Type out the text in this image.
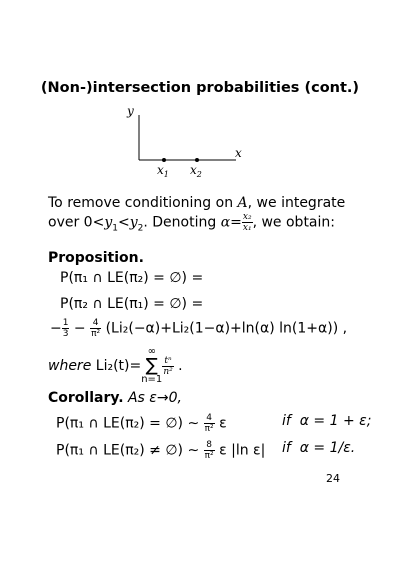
(Non-)intersection probabilities (cont.)
y
x
$x_1$ $x_2$
To remove conditioning on A, we integrate
over $0<y_1<y_2$. Denoting $\alpha= \frac{\text{x₂}}{\text{x₁}}$ , we obtain:
Proposition.
P(π₁ ∩ LE(π₂) = ∅) =
P(π₂ ∩ LE(π₁) = ∅) =
− $\frac{1}{3} - \frac{4}{\text{π²}} (Li_2(-\alpha)+Li_2(1-\alpha)+\ln(\alpha)$ ln(1+α)) ,
where Li₂(t)=
∞
∑
n=1
$\frac{\text{tⁿ}}{\text{n²}}$ .
Corollary. As ε→0,
P(π₁ ∩ LE(π₂) = ∅) ∼ $\frac{4}{\text{π²}}$ ε	if α = 1 + ε;
P(π₁ ∩ LE(π₂) ≠ ∅) ∼ $\frac{8}{\text{π²}}$ ε |ln ε| if α = 1/ε.
24
